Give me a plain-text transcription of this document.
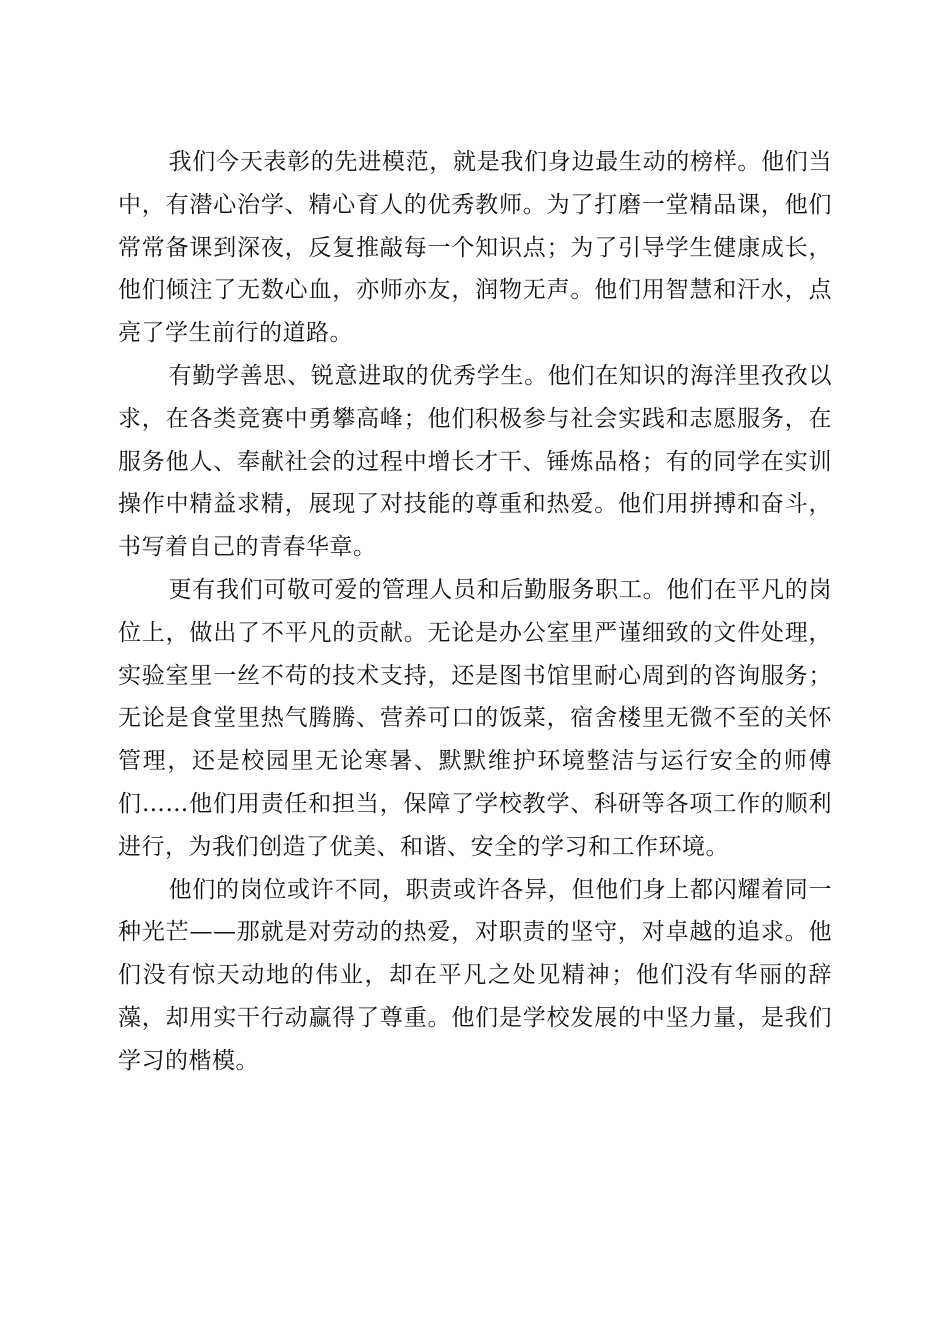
我们今天表彰的先进模范，就是我们身边最生动的榜样。他们当中，有潜心治学、精心育人的优秀教师。为了打磨一堂精品课，他们常常备课到深夜，反复推敲每一个知识点；为了引导学生健康成长，他们倾注了无数心血，亦师亦友，润物无声。他们用智慧和汗水，点亮了学生前行的道路。

有勤学善思、锐意进取的优秀学生。他们在知识的海洋里孜孜以求，在各类竞赛中勇攀高峰；他们积极参与社会实践和志愿服务，在服务他人、奉献社会的过程中增长才干、锤炼品格；有的同学在实训操作中精益求精，展现了对技能的尊重和热爱。他们用拼搏和奋斗，书写着自己的青春华章。

更有我们可敬可爱的管理人员和后勤服务职工。他们在平凡的岗位上，做出了不平凡的贡献。无论是办公室里严谨细致的文件处理，实验室里一丝不苟的技术支持，还是图书馆里耐心周到的咨询服务；无论是食堂里热气腾腾、营养可口的饭菜，宿舍楼里无微不至的关怀管理，还是校园里无论寒暑、默默维护环境整洁与运行安全的师傅们……他们用责任和担当，保障了学校教学、科研等各项工作的顺利进行，为我们创造了优美、和谐、安全的学习和工作环境。

他们的岗位或许不同，职责或许各异，但他们身上都闪耀着同一种光芒——那就是对劳动的热爱，对职责的坚守，对卓越的追求。他们没有惊天动地的伟业，却在平凡之处见精神；他们没有华丽的辞藻，却用实干行动赢得了尊重。他们是学校发展的中坚力量，是我们学习的楷模。
